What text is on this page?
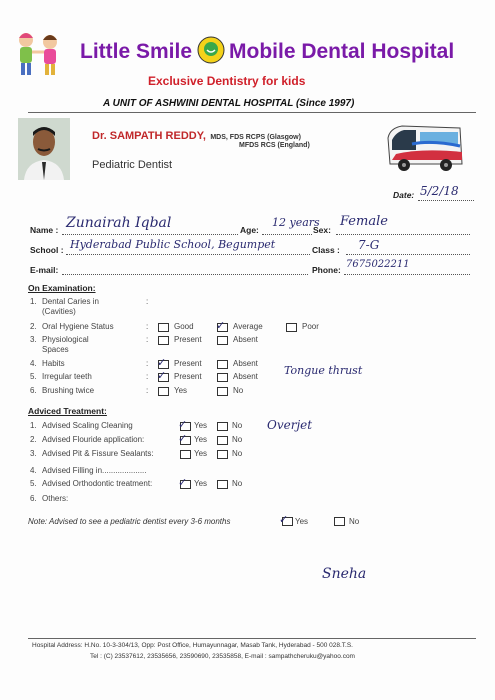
Little Smile Mobile Dental Hospital
Exclusive Dentistry for kids
A UNIT OF ASHWINI DENTAL HOSPITAL (Since 1997)
Dr. SAMPATH REDDY, MDS, FDS RCPS (Glasgow)
MFDS RCS (England)
Pediatric Dentist
Date: 5/2/18
Name : Zunairah Iqbal	Age:
12 years
Sex:
Female
School : Hyderabad Public School, Begumpet	Class : 7-G
E-mail:	Phone: 7675022211
On Examination:
1. Dental Caries in
(Cavities)
:
2. Oral Hygiene Status	:	Good ✓ Average	Poor
3. Physiological
Spaces
:	Present	Absent
4. Habits	: ✓ Present	Absent
5. Irregular teeth	: ✓ Present	Absent
6. Brushing twice	:	Yes	No
Tongue thrust
Adviced Treatment:
1. Advised Scaling Cleaning	✓ Yes	No
2. Advised Flouride application:	✓ Yes	No
3. Advised Pit & Fissure Sealants:	Yes	No
4. Advised Filling in....................
5. Advised Orthodontic treatment: ✓ Yes	No
6. Others:
Overjet
Note: Advised to see a pediatric dentist every 3-6 months	✓ Yes	No
Sneha
Hospital Address: H.No. 10-3-304/13, Opp: Post Office, Humayunnagar, Masab Tank, Hyderabad - 500 028.T.S.
Tel : (C) 23537612, 23535656, 23590690, 23535858, E-mail : sampathcheruku@yahoo.com
